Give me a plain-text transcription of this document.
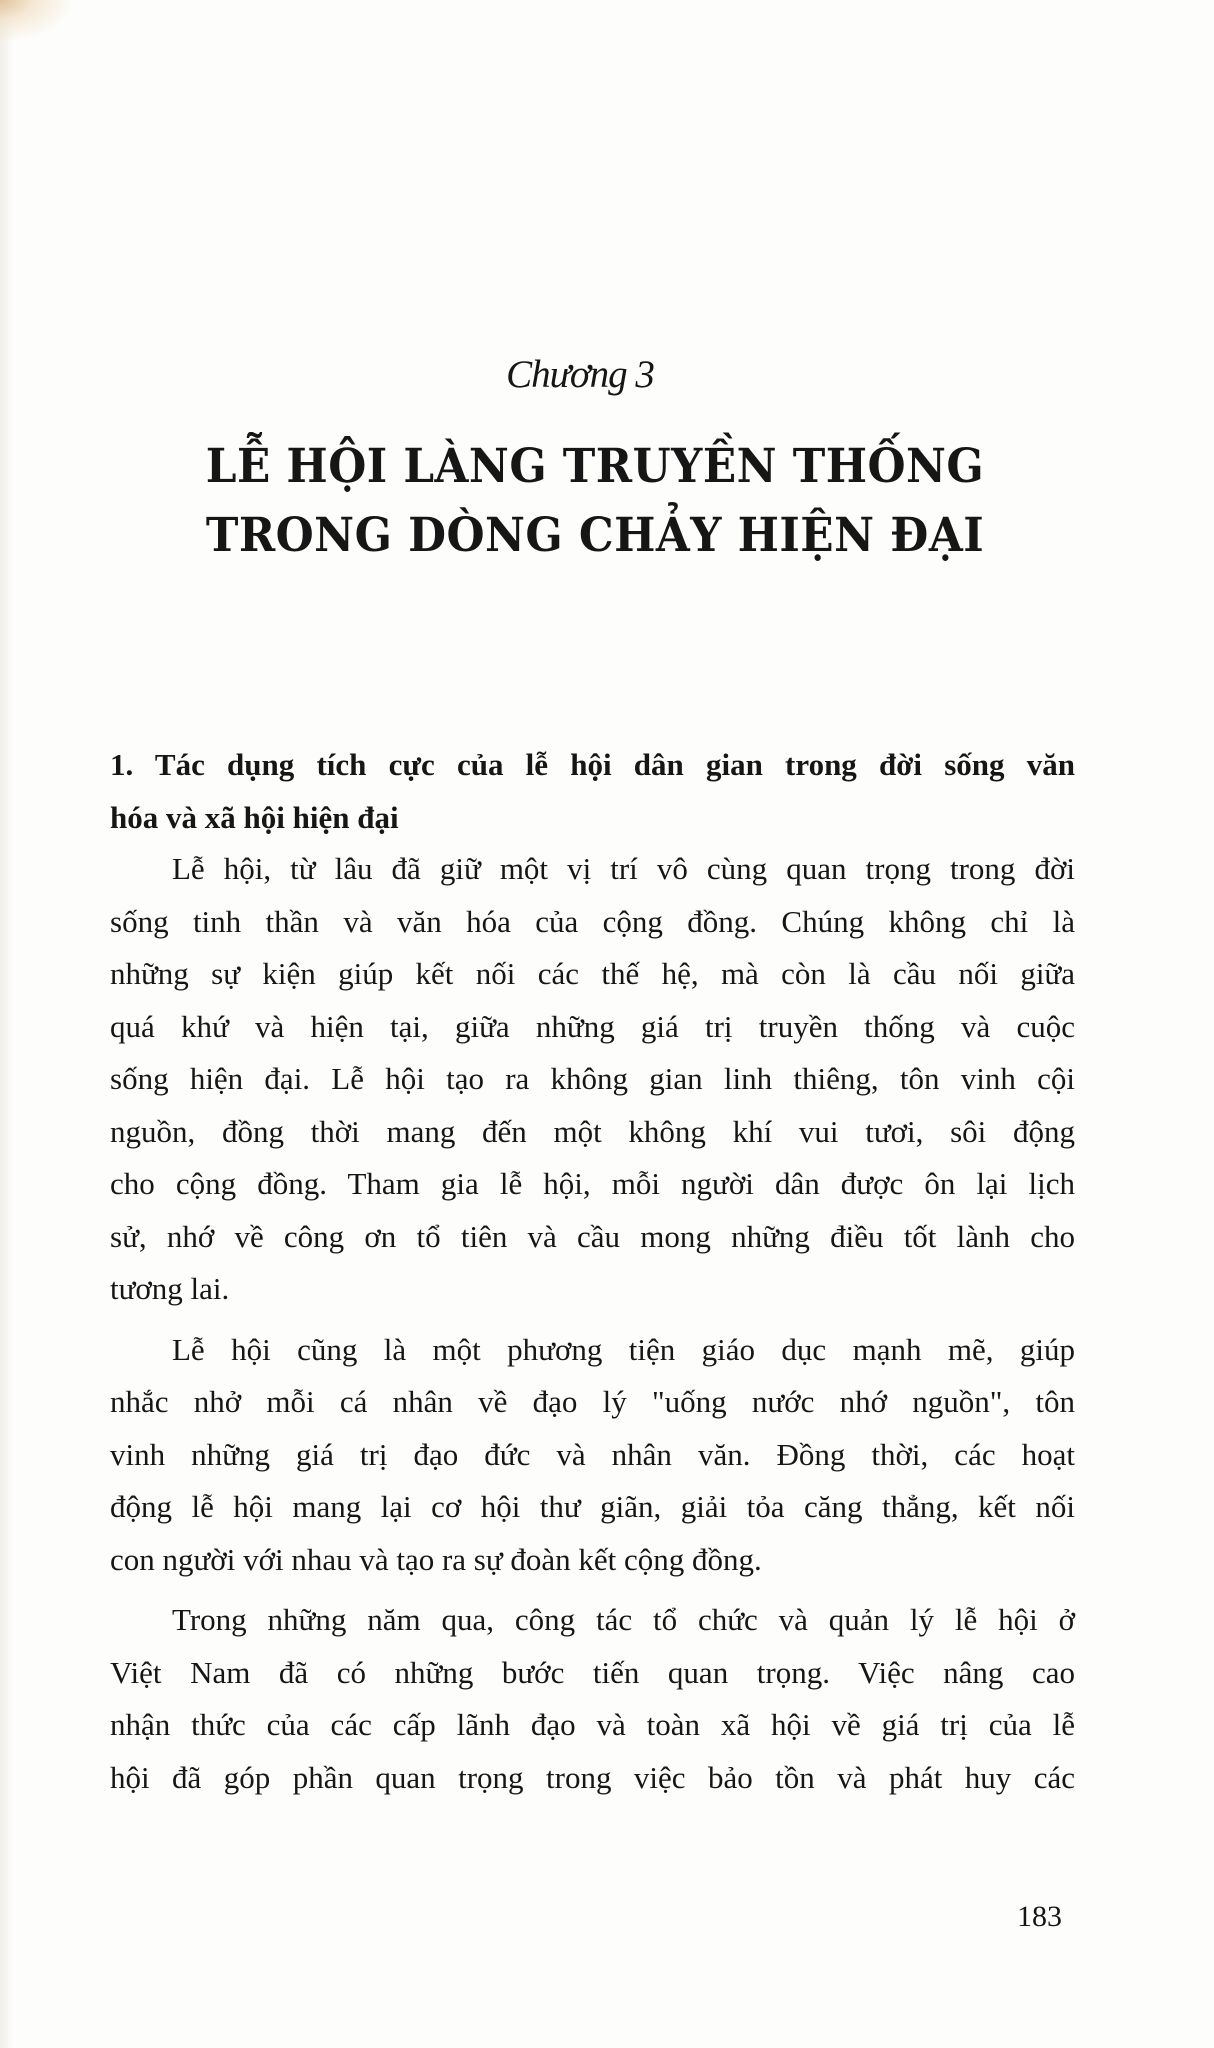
Chương 3
LỄ HỘI LÀNG TRUYỀN THỐNG
TRONG DÒNG CHẢY HIỆN ĐẠI
1. Tác dụng tích cực của lễ hội dân gian trong đời sống văn
hóa và xã hội hiện đại
Lễ hội, từ lâu đã giữ một vị trí vô cùng quan trọng trong đời
sống tinh thần và văn hóa của cộng đồng. Chúng không chỉ là
những sự kiện giúp kết nối các thế hệ, mà còn là cầu nối giữa
quá khứ và hiện tại, giữa những giá trị truyền thống và cuộc
sống hiện đại. Lễ hội tạo ra không gian linh thiêng, tôn vinh cội
nguồn, đồng thời mang đến một không khí vui tươi, sôi động
cho cộng đồng. Tham gia lễ hội, mỗi người dân được ôn lại lịch
sử, nhớ về công ơn tổ tiên và cầu mong những điều tốt lành cho
tương lai.
Lễ hội cũng là một phương tiện giáo dục mạnh mẽ, giúp
nhắc nhở mỗi cá nhân về đạo lý "uống nước nhớ nguồn", tôn
vinh những giá trị đạo đức và nhân văn. Đồng thời, các hoạt
động lễ hội mang lại cơ hội thư giãn, giải tỏa căng thẳng, kết nối
con người với nhau và tạo ra sự đoàn kết cộng đồng.
Trong những năm qua, công tác tổ chức và quản lý lễ hội ở
Việt Nam đã có những bước tiến quan trọng. Việc nâng cao
nhận thức của các cấp lãnh đạo và toàn xã hội về giá trị của lễ
hội đã góp phần quan trọng trong việc bảo tồn và phát huy các
183
